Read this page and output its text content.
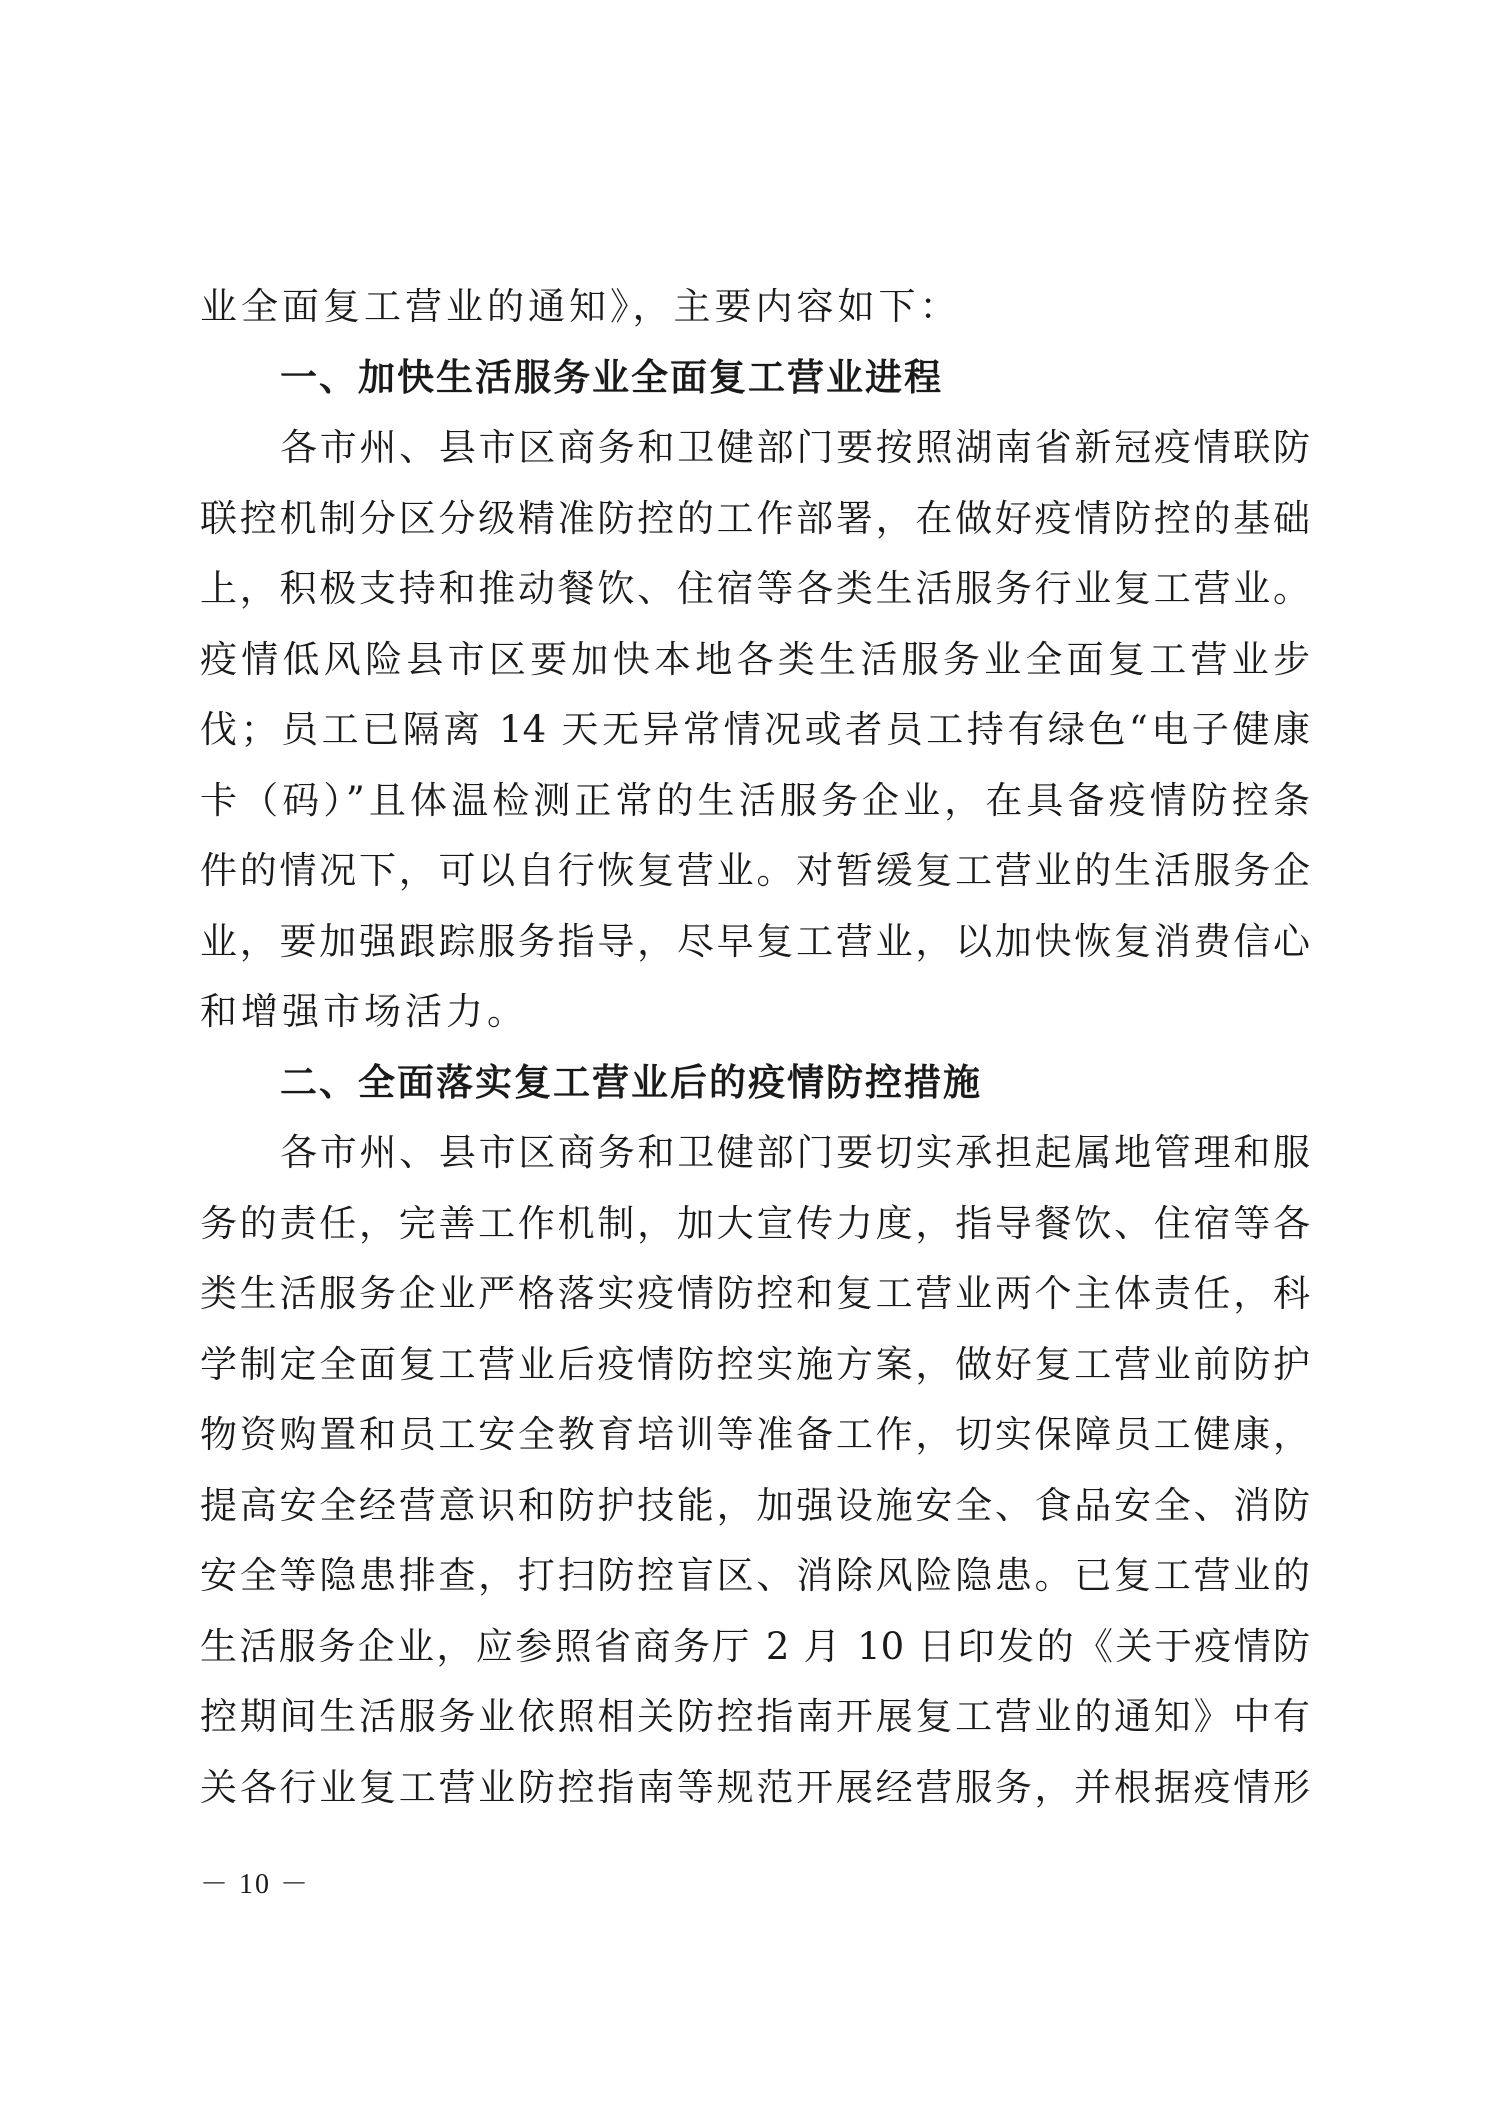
业全面复工营业的通知》，主要内容如下：
一、加快生活服务业全面复工营业进程
各市州、县市区商务和卫健部门要按照湖南省新冠疫情联防
联控机制分区分级精准防控的工作部署，在做好疫情防控的基础
上，积极支持和推动餐饮、住宿等各类生活服务行业复工营业。
疫情低风险县市区要加快本地各类生活服务业全面复工营业步
伐；员工已隔离 14 天无异常情况或者员工持有绿色“电子健康
卡（码）”且体温检测正常的生活服务企业，在具备疫情防控条
件的情况下，可以自行恢复营业。对暂缓复工营业的生活服务企
业，要加强跟踪服务指导，尽早复工营业，以加快恢复消费信心
和增强市场活力。
二、全面落实复工营业后的疫情防控措施
各市州、县市区商务和卫健部门要切实承担起属地管理和服
务的责任，完善工作机制，加大宣传力度，指导餐饮、住宿等各
类生活服务企业严格落实疫情防控和复工营业两个主体责任，科
学制定全面复工营业后疫情防控实施方案，做好复工营业前防护
物资购置和员工安全教育培训等准备工作，切实保障员工健康，
提高安全经营意识和防护技能，加强设施安全、食品安全、消防
安全等隐患排查，打扫防控盲区、消除风险隐患。已复工营业的
生活服务企业，应参照省商务厅 2 月 10 日印发的《关于疫情防
控期间生活服务业依照相关防控指南开展复工营业的通知》中有
关各行业复工营业防控指南等规范开展经营服务，并根据疫情形
－ 10 －
